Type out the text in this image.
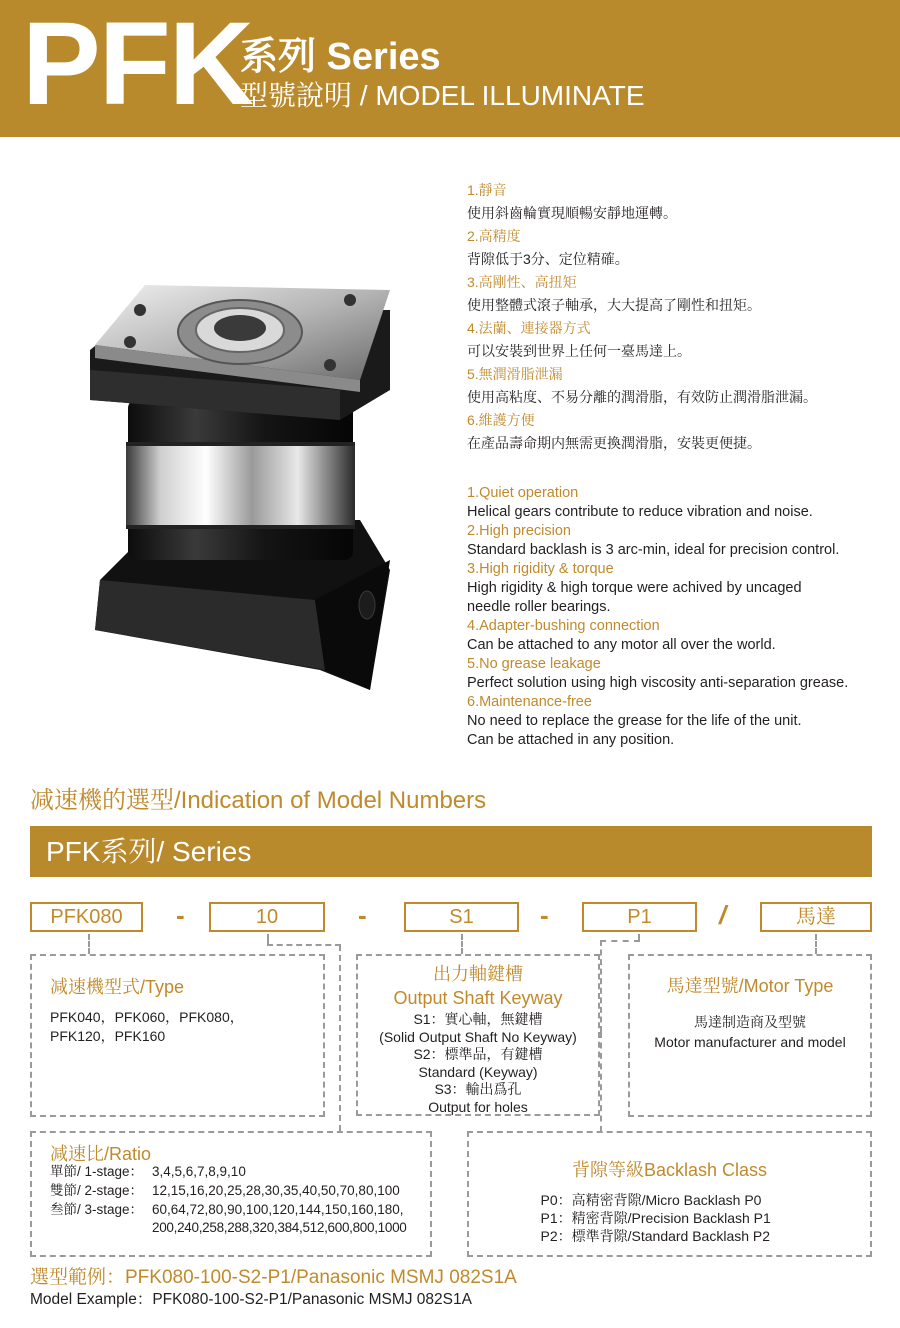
PFK
系列 Series
型號說明 / MODEL ILLUMINATE
1.靜音
使用斜齒輪實現順暢安靜地運轉。
2.高精度
背隙低于3分、定位精確。
3.高剛性、高扭矩
使用整體式滾子軸承，大大提高了剛性和扭矩。
4.法蘭、連接器方式
可以安裝到世界上任何一臺馬達上。
5.無潤滑脂泄漏
使用高粘度、不易分離的潤滑脂，有效防止潤滑脂泄漏。
6.維護方便
在產品壽命期内無需更換潤滑脂，安裝更便捷。
1.Quiet operation
Helical gears contribute to reduce vibration and noise.
2.High precision
Standard backlash is 3 arc-min, ideal for precision control.
3.High rigidity & torque
High rigidity & high torque were achived by uncaged
needle roller bearings.
4.Adapter-bushing connection
Can be attached to any motor all over the world.
5.No grease leakage
Perfect solution using high viscosity anti-separation grease.
6.Maintenance-free
No need to replace the grease for the life of the unit.
Can be attached in any position.
减速機的選型/Indication of Model Numbers
PFK系列/ Series
PFK080	-	10	-	S1	-	P1	/	馬達
减速機型式/Type
PFK040，PFK060，PFK080，
PFK120，PFK160
出力軸鍵槽
Output Shaft Keyway
S1：實心軸，無鍵槽
(Solid Output Shaft No Keyway)
S2：標準品，有鍵槽
Standard (Keyway)
S3：輸出爲孔
Output for holes
馬達型號/Motor Type
馬達制造商及型號
Motor manufacturer and model
减速比/Ratio
單節/ 1-stage： 3,4,5,6,7,8,9,10
雙節/ 2-stage： 12,15,16,20,25,28,30,35,40,50,70,80,100
叁節/ 3-stage： 60,64,72,80,90,100,120,144,150,160,180,
200,240,258,288,320,384,512,600,800,1000
背隙等級Backlash Class
P0：高精密背隙/Micro Backlash P0
P1：精密背隙/Precision Backlash P1
P2：標準背隙/Standard Backlash P2
選型範例：PFK080-100-S2-P1/Panasonic MSMJ 082S1A
Model Example：PFK080-100-S2-P1/Panasonic MSMJ 082S1A
